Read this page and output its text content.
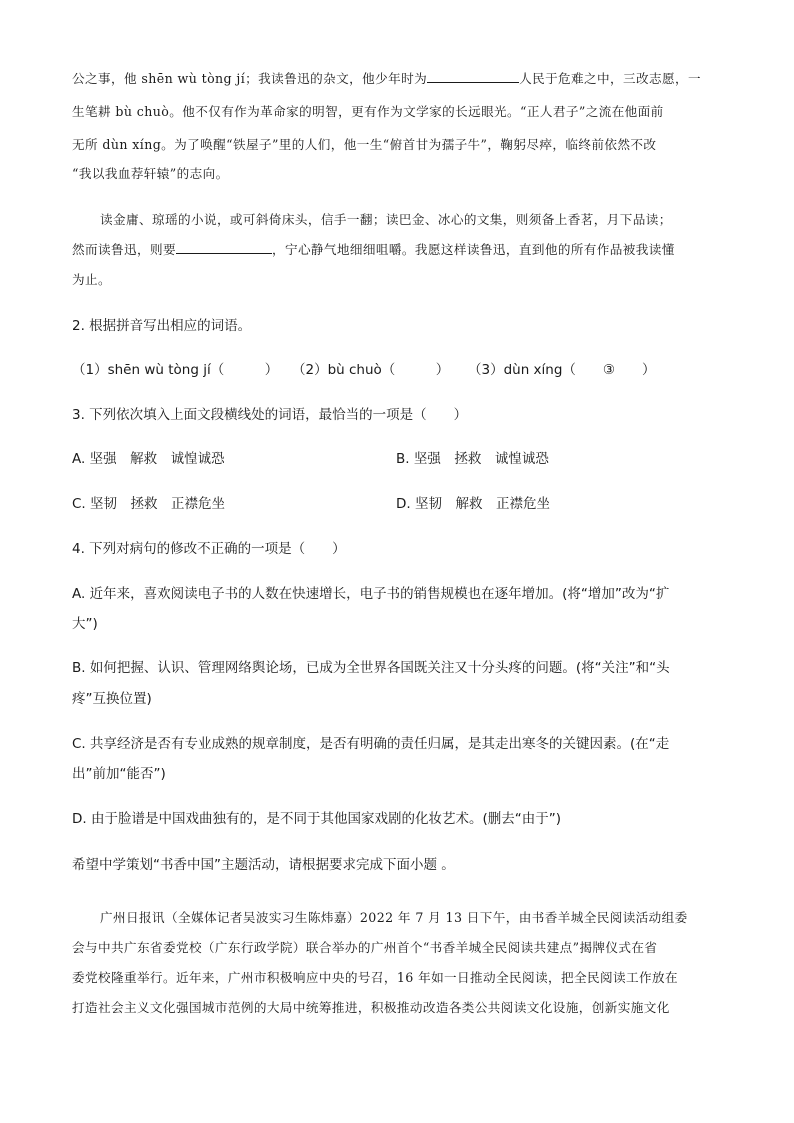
公之事，他 shēn wù tòng jí；我读鲁迅的杂文，他少年时为	人民于危难之中，三改志愿，一
生笔耕 bù chuò。他不仅有作为革命家的明智，更有作为文学家的长远眼光。“正人君子”之流在他面前
无所 dùn xíng。为了唤醒“铁屋子”里的人们，他一生“俯首甘为孺子牛”，鞠躬尽瘁，临终前依然不改
“我以我血荐轩辕”的志向。
读金庸、琼瑶的小说，或可斜倚床头，信手一翻；读巴金、冰心的文集，则须备上香茗，月下品读；
然而读鲁迅，则要	，宁心静气地细细咀嚼。我愿这样读鲁迅，直到他的所有作品被我读懂
为止。
2. 根据拼音写出相应的词语。
（1）shēn wù tòng jí（　　　） （2）bù chuò（　　　） （3）dùn xíng（　　③　　）
3. 下列依次填入上面文段横线处的词语，最恰当的一项是（　　）
A. 坚强　解救　诚惶诚恐	B. 坚强　拯救　诚惶诚恐
C. 坚韧　拯救　正襟危坐	D. 坚韧　解救　正襟危坐
4. 下列对病句的修改不正确的一项是（　　）
A. 近年来，喜欢阅读电子书的人数在快速增长，电子书的销售规模也在逐年增加。(将“增加”改为“扩
大”)
B. 如何把握、认识、管理网络舆论场，已成为全世界各国既关注又十分头疼的问题。(将“关注”和“头
疼”互换位置)
C. 共享经济是否有专业成熟的规章制度，是否有明确的责任归属，是其走出寒冬的关键因素。(在“走
出”前加“能否”)
D. 由于脸谱是中国戏曲独有的，是不同于其他国家戏剧的化妆艺术。(删去“由于”)
希望中学策划“书香中国”主题活动，请根据要求完成下面小题 。
广州日报讯（全媒体记者吴波实习生陈炜嘉）2022 年 7 月 13 日下午，由书香羊城全民阅读活动组委
会与中共广东省委党校（广东行政学院）联合举办的广州首个“书香羊城全民阅读共建点”揭牌仪式在省
委党校隆重举行。近年来，广州市积极响应中央的号召，16 年如一日推动全民阅读，把全民阅读工作放在
打造社会主义文化强国城市范例的大局中统筹推进，积极推动改造各类公共阅读文化设施，创新实施文化
